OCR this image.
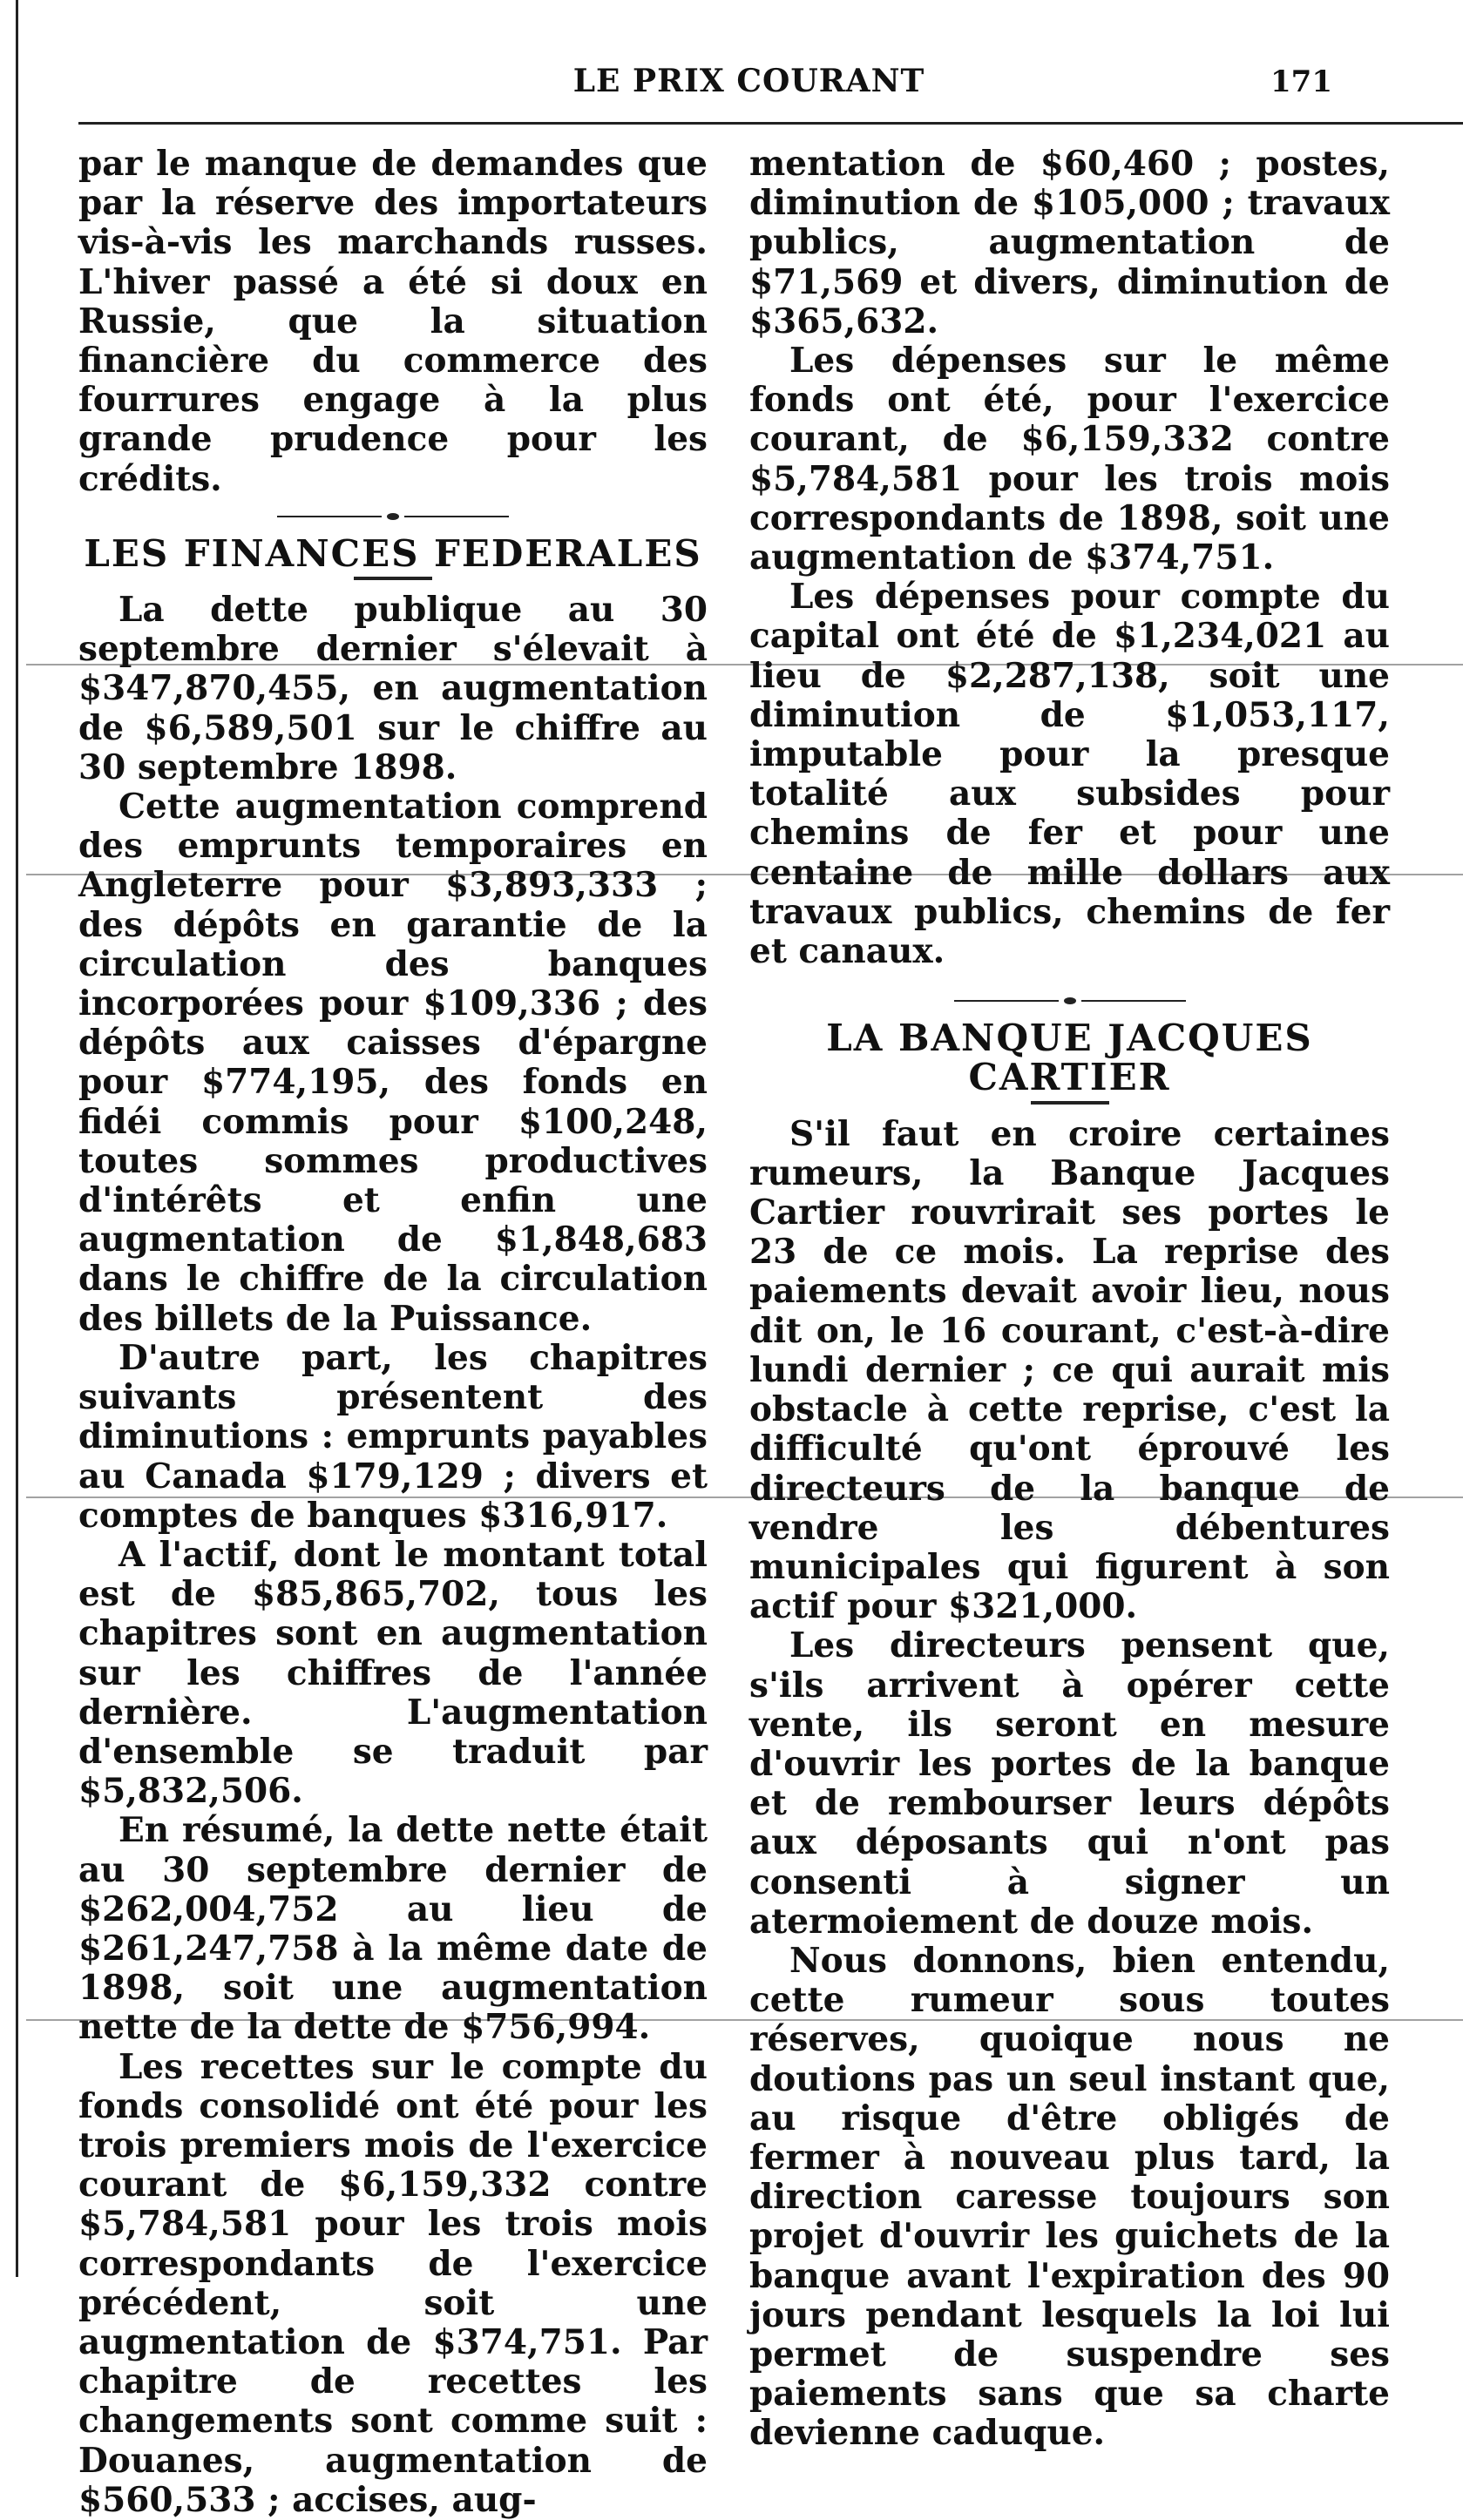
LE PRIX COURANT	171

par le manque de demandes que par la réserve des importateurs vis-à-vis les marchands russes. L'hiver passé a été si doux en Russie, que la situation financière du commerce des fourrures engage à la plus grande prudence pour les crédits.

LES FINANCES FEDERALES

La dette publique au 30 septembre dernier s'élevait à $347,870,455, en augmentation de $6,589,501 sur le chiffre au 30 septembre 1898.

Cette augmentation comprend des emprunts temporaires en Angleterre pour $3,893,333 ; des dépôts en garantie de la circulation des banques incorporées pour $109,336 ; des dépôts aux caisses d'épargne pour $774,195, des fonds en fidéi commis pour $100,248, toutes sommes productives d'intérêts et enfin une augmentation de $1,848,683 dans le chiffre de la circulation des billets de la Puissance.

D'autre part, les chapitres suivants présentent des diminutions : emprunts payables au Canada $179,129 ; divers et comptes de banques $316,917.

A l'actif, dont le montant total est de $85,865,702, tous les chapitres sont en augmentation sur les chiffres de l'année dernière. L'augmentation d'ensemble se traduit par $5,832,506.

En résumé, la dette nette était au 30 septembre dernier de $262,004,752 au lieu de $261,247,758 à la même date de 1898, soit une augmentation nette de la dette de $756,994.

Les recettes sur le compte du fonds consolidé ont été pour les trois premiers mois de l'exercice courant de $6,159,332 contre $5,784,581 pour les trois mois correspondants de l'exercice précédent, soit une augmentation de $374,751. Par chapitre de recettes les changements sont comme suit : Douanes, augmentation de $560,533 ; accises, aug-

mentation de $60,460 ; postes, diminution de $105,000 ; travaux publics, augmentation de $71,569 et divers, diminution de $365,632.

Les dépenses sur le même fonds ont été, pour l'exercice courant, de $6,159,332 contre $5,784,581 pour les trois mois correspondants de 1898, soit une augmentation de $374,751.

Les dépenses pour compte du capital ont été de $1,234,021 au lieu de $2,287,138, soit une diminution de $1,053,117, imputable pour la presque totalité aux subsides pour chemins de fer et pour une centaine de mille dollars aux travaux publics, chemins de fer et canaux.

LA BANQUE JACQUES CARTIER

S'il faut en croire certaines rumeurs, la Banque Jacques Cartier rouvrirait ses portes le 23 de ce mois. La reprise des paiements devait avoir lieu, nous dit on, le 16 courant, c'est-à-dire lundi dernier ; ce qui aurait mis obstacle à cette reprise, c'est la difficulté qu'ont éprouvé les directeurs de la banque de vendre les débentures municipales qui figurent à son actif pour $321,000.

Les directeurs pensent que, s'ils arrivent à opérer cette vente, ils seront en mesure d'ouvrir les portes de la banque et de rembourser leurs dépôts aux déposants qui n'ont pas consenti à signer un atermoiement de douze mois.

Nous donnons, bien entendu, cette rumeur sous toutes réserves, quoique nous ne doutions pas un seul instant que, au risque d'être obligés de fermer à nouveau plus tard, la direction caresse toujours son projet d'ouvrir les guichets de la banque avant l'expiration des 90 jours pendant lesquels la loi lui permet de suspendre ses paiements sans que sa charte devienne caduque.
